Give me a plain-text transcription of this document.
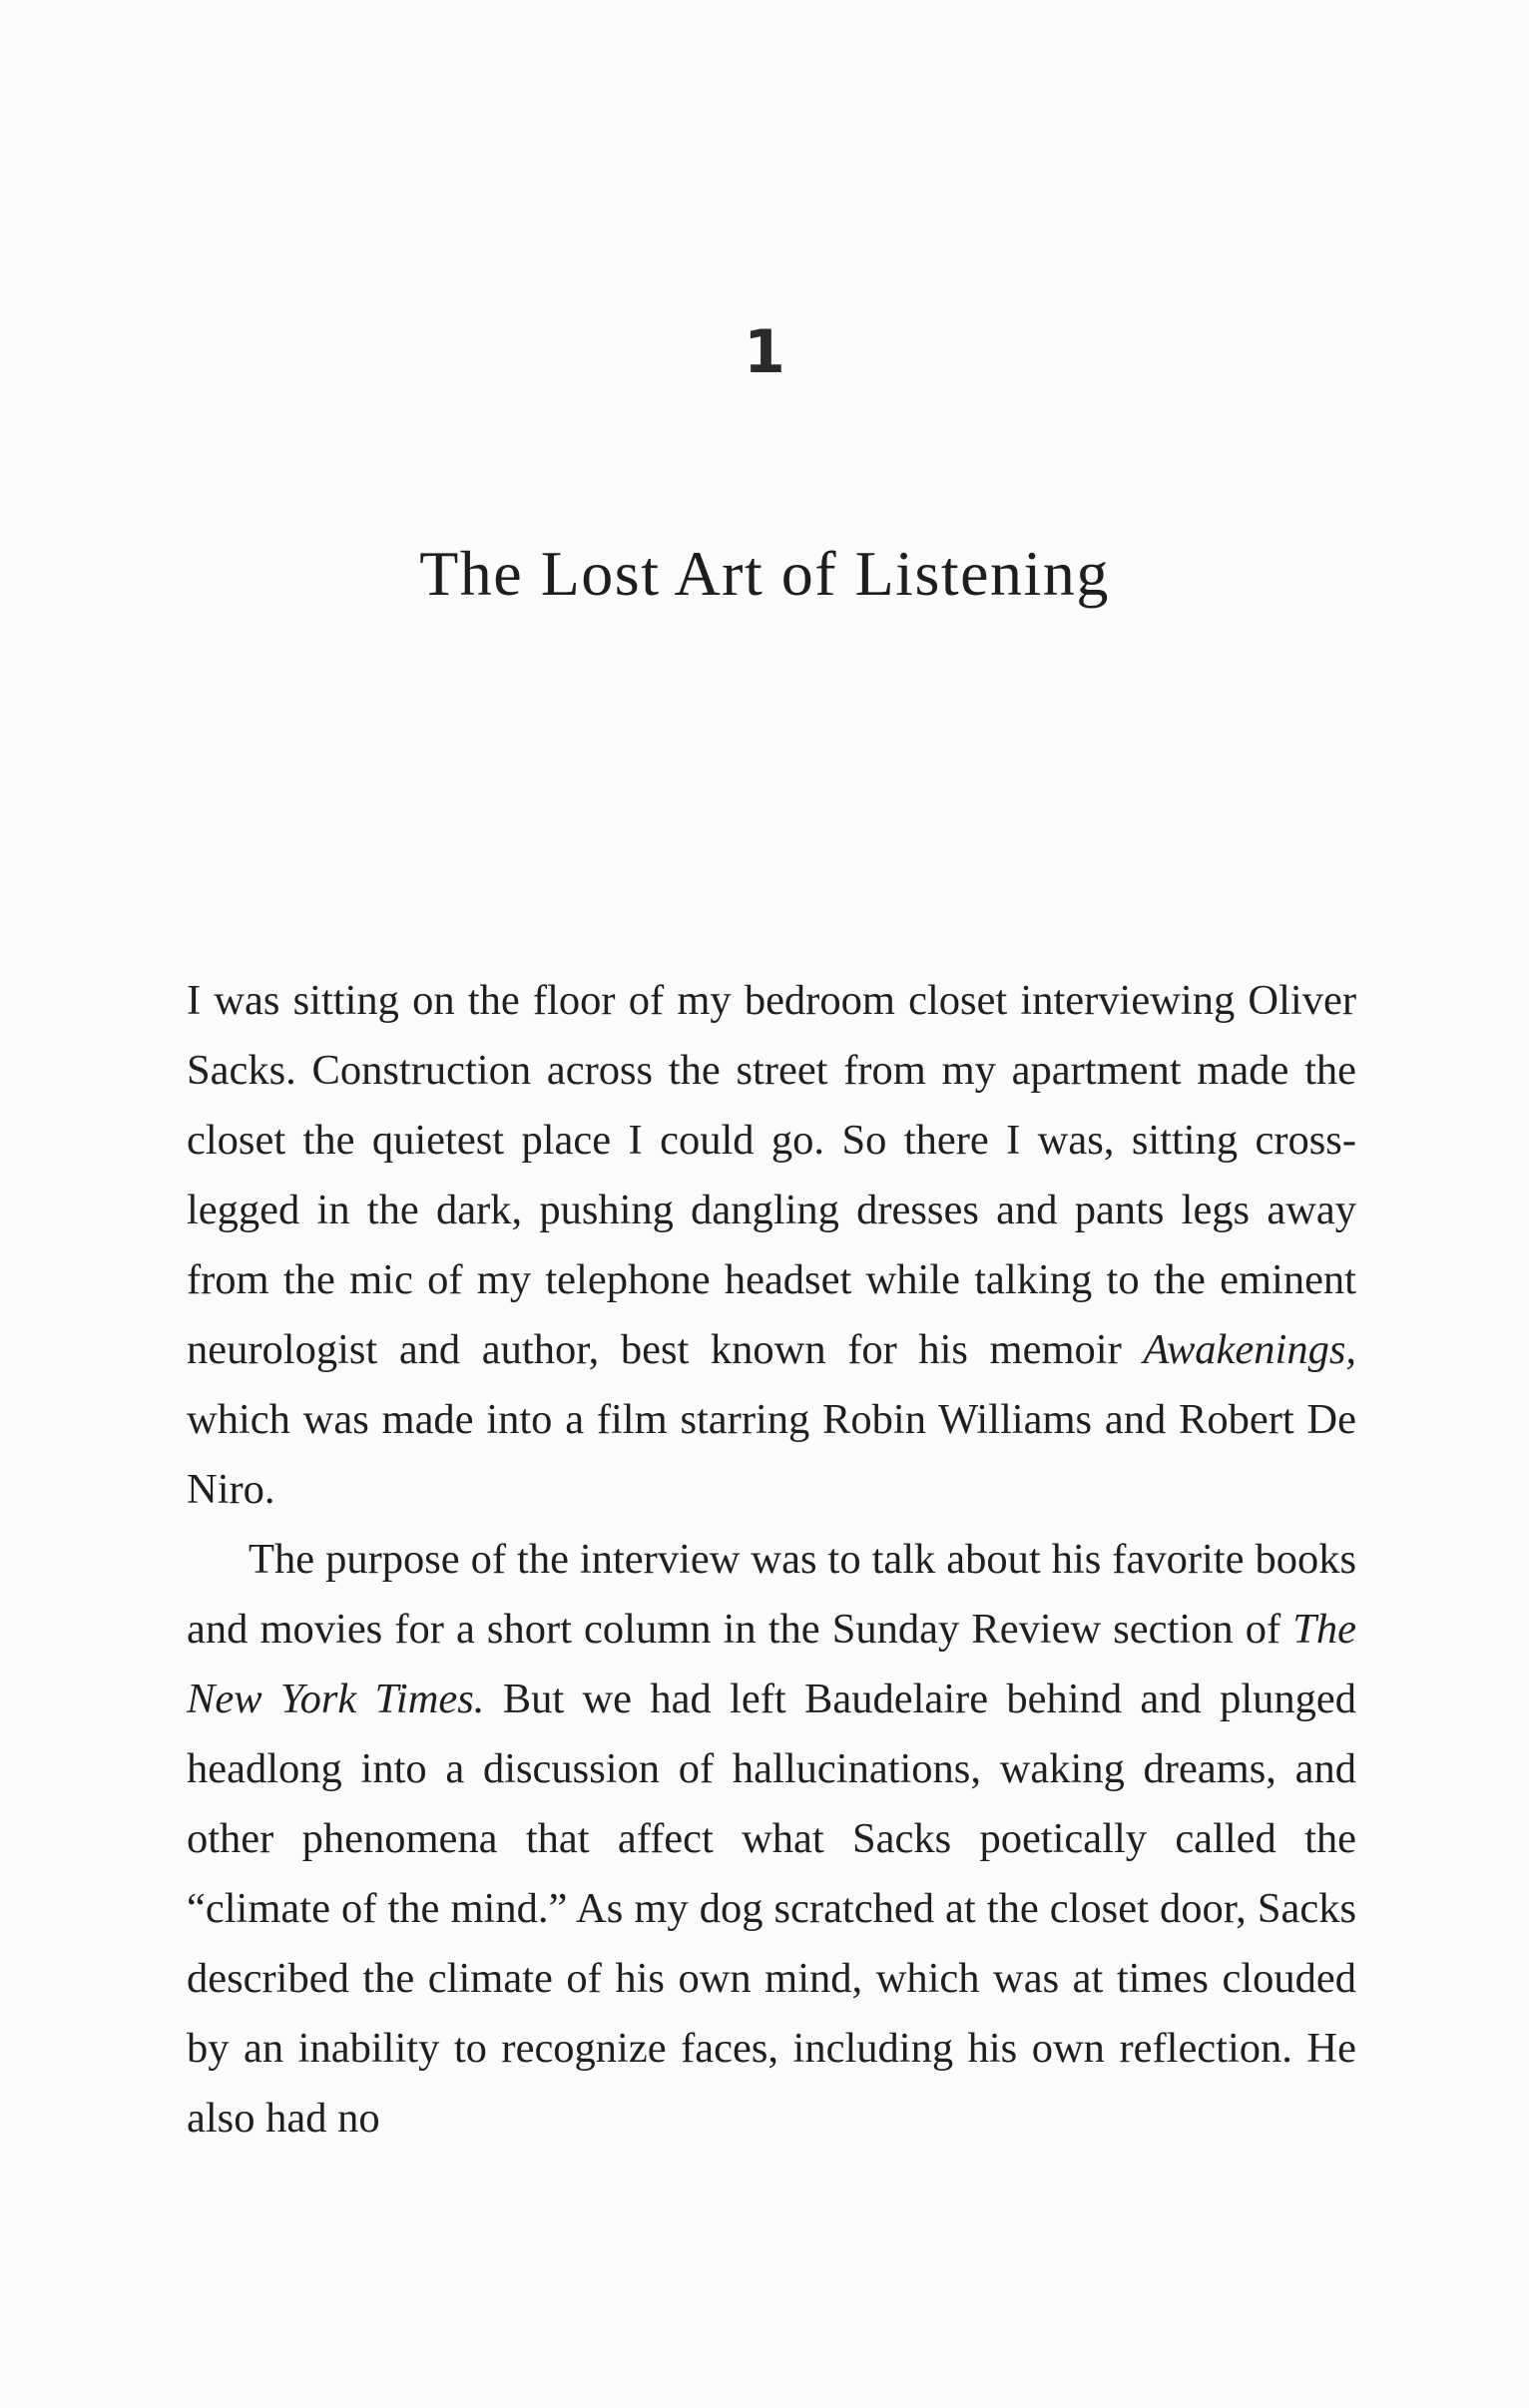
1
The Lost Art of Listening

I was sitting on the floor of my bedroom closet interviewing Oliver Sacks. Construction across the street from my apartment made the closet the quietest place I could go. So there I was, sitting cross-legged in the dark, pushing dangling dresses and pants legs away from the mic of my telephone headset while talking to the eminent neurologist and author, best known for his memoir Awakenings, which was made into a film starring Robin Williams and Robert De Niro.

The purpose of the interview was to talk about his favorite books and movies for a short column in the Sunday Review section of The New York Times. But we had left Baudelaire behind and plunged headlong into a discussion of hallucinations, waking dreams, and other phenomena that affect what Sacks poetically called the “climate of the mind.” As my dog scratched at the closet door, Sacks described the climate of his own mind, which was at times clouded by an inability to recognize faces, including his own reflection. He also had no
